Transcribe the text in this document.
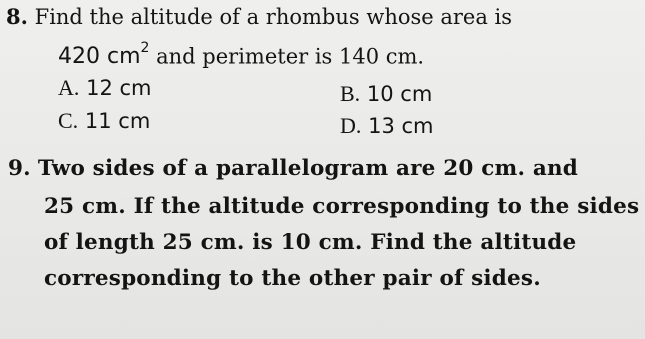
8. Find the altitude of a rhombus whose area is
420 $cm^2$ and perimeter is 140 cm.
A. 12 cm	B. 10 cm
C. 11 cm	D. 13 cm
9. Two sides of a parallelogram are 20 cm. and
25 cm. If the altitude corresponding to the sides
of length 25 cm. is 10 cm. Find the altitude
corresponding to the other pair of sides.
